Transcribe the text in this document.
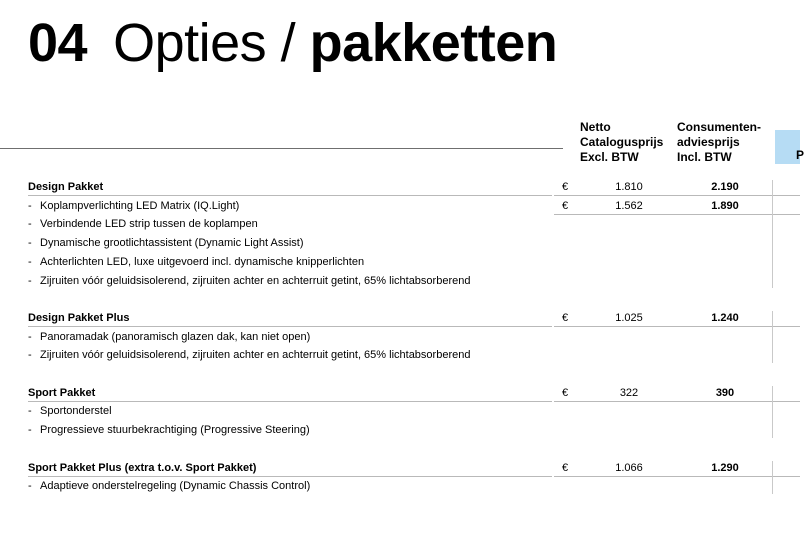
04 Opties / pakketten
Netto
Catalogusprijs
Excl. BTW
Consumenten-
adviesprijs
Incl. BTW	P
Design Pakket	€	1.810	2.190
- Koplampverlichting LED Matrix (IQ.Light)	€	1.562	1.890
- Verbindende LED strip tussen de koplampen
- Dynamische grootlichtassistent (Dynamic Light Assist)
- Achterlichten LED, luxe uitgevoerd incl. dynamische knipperlichten
- Zijruiten vóór geluidsisolerend, zijruiten achter en achterruit getint, 65% lichtabsorberend
Design Pakket Plus	€	1.025	1.240
- Panoramadak (panoramisch glazen dak, kan niet open)
- Zijruiten vóór geluidsisolerend, zijruiten achter en achterruit getint, 65% lichtabsorberend
Sport Pakket	€	322	390
- Sportonderstel
- Progressieve stuurbekrachtiging (Progressive Steering)
Sport Pakket Plus (extra t.o.v. Sport Pakket)	€	1.066	1.290
- Adaptieve onderstelregeling (Dynamic Chassis Control)
